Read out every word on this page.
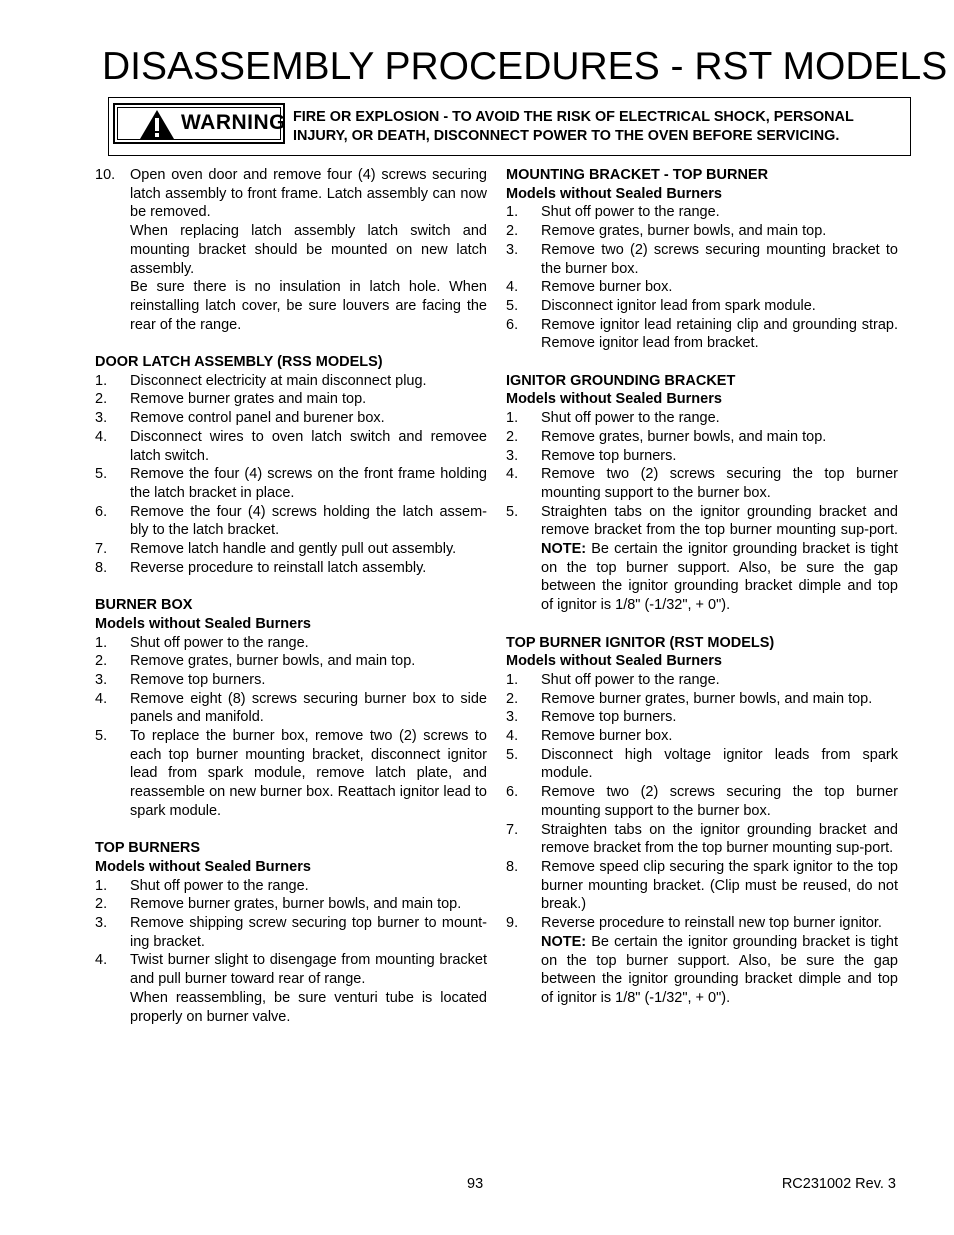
DISASSEMBLY PROCEDURES - RST MODELS
WARNING FIRE OR EXPLOSION - TO AVOID THE RISK OF ELECTRICAL SHOCK, PERSONAL INJURY, OR DEATH, DISCONNECT POWER TO THE OVEN BEFORE SERVICING.
10.	Open oven door and remove four (4) screws securing latch assembly to front frame. Latch assembly can now be removed.
When replacing latch assembly latch switch and mounting bracket should be mounted on new latch assembly.
Be sure there is no insulation in latch hole. When reinstalling latch cover, be sure louvers are facing the rear of the range.
DOOR LATCH ASSEMBLY (RSS MODELS)
1.	Disconnect electricity at main disconnect plug.
2.	Remove burner grates and main top.
3.	Remove control panel and burener box.
4.	Disconnect wires to oven latch switch and removee latch switch.
5.	Remove the four (4) screws on the front frame holding the latch bracket in place.
6.	Remove the four (4) screws holding the latch assem-bly to the latch bracket.
7.	Remove latch handle and gently pull out assembly.
8.	Reverse procedure to reinstall latch assembly.
BURNER BOX
Models without Sealed Burners
1.	Shut off power to the range.
2.	Remove grates, burner bowls, and main top.
3.	Remove top burners.
4.	Remove eight (8) screws securing burner box to side panels and manifold.
5.	To replace the burner box, remove two (2) screws to each top burner mounting bracket, disconnect ignitor lead from spark module, remove latch plate, and reassemble on new burner box. Reattach ignitor lead to spark module.
TOP BURNERS
Models without Sealed Burners
1.	Shut off power to the range.
2.	Remove burner grates, burner bowls, and main top.
3.	Remove shipping screw securing top burner to mount-ing bracket.
4.	Twist burner slight to disengage from mounting bracket and pull burner toward rear of range.
When reassembling, be sure venturi tube is located properly on burner valve.
MOUNTING BRACKET - TOP BURNER
Models without Sealed Burners
1.	Shut off power to the range.
2.	Remove grates, burner bowls, and main top.
3.	Remove two (2) screws securing mounting bracket to the burner box.
4.	Remove burner box.
5.	Disconnect ignitor lead from spark module.
6.	Remove ignitor lead retaining clip and grounding strap. Remove ignitor lead from bracket.
IGNITOR GROUNDING BRACKET
Models without Sealed Burners
1.	Shut off power to the range.
2.	Remove grates, burner bowls, and main top.
3.	Remove top burners.
4.	Remove two (2) screws securing the top burner mounting support to the burner box.
5.	Straighten tabs on the ignitor grounding bracket and remove bracket from the top burner mounting sup-port. NOTE: Be certain the ignitor grounding bracket is tight on the top burner support. Also, be sure the gap between the ignitor grounding bracket dimple and top of ignitor is 1/8" (-1/32", + 0").
TOP BURNER IGNITOR (RST MODELS)
Models without Sealed Burners
1.	Shut off power to the range.
2.	Remove burner grates, burner bowls, and main top.
3.	Remove top burners.
4.	Remove burner box.
5.	Disconnect high voltage ignitor leads from spark module.
6.	Remove two (2) screws securing the top burner mounting support to the burner box.
7.	Straighten tabs on the ignitor grounding bracket and remove bracket from the top burner mounting sup-port.
8.	Remove speed clip securing the spark ignitor to the top burner mounting bracket. (Clip must be reused, do not break.)
9.	Reverse procedure to reinstall new top burner ignitor.
NOTE: Be certain the ignitor grounding bracket is tight on the top burner support. Also, be sure the gap between the ignitor grounding bracket dimple and top of ignitor is 1/8" (-1/32", + 0").
93	RC231002 Rev. 3
